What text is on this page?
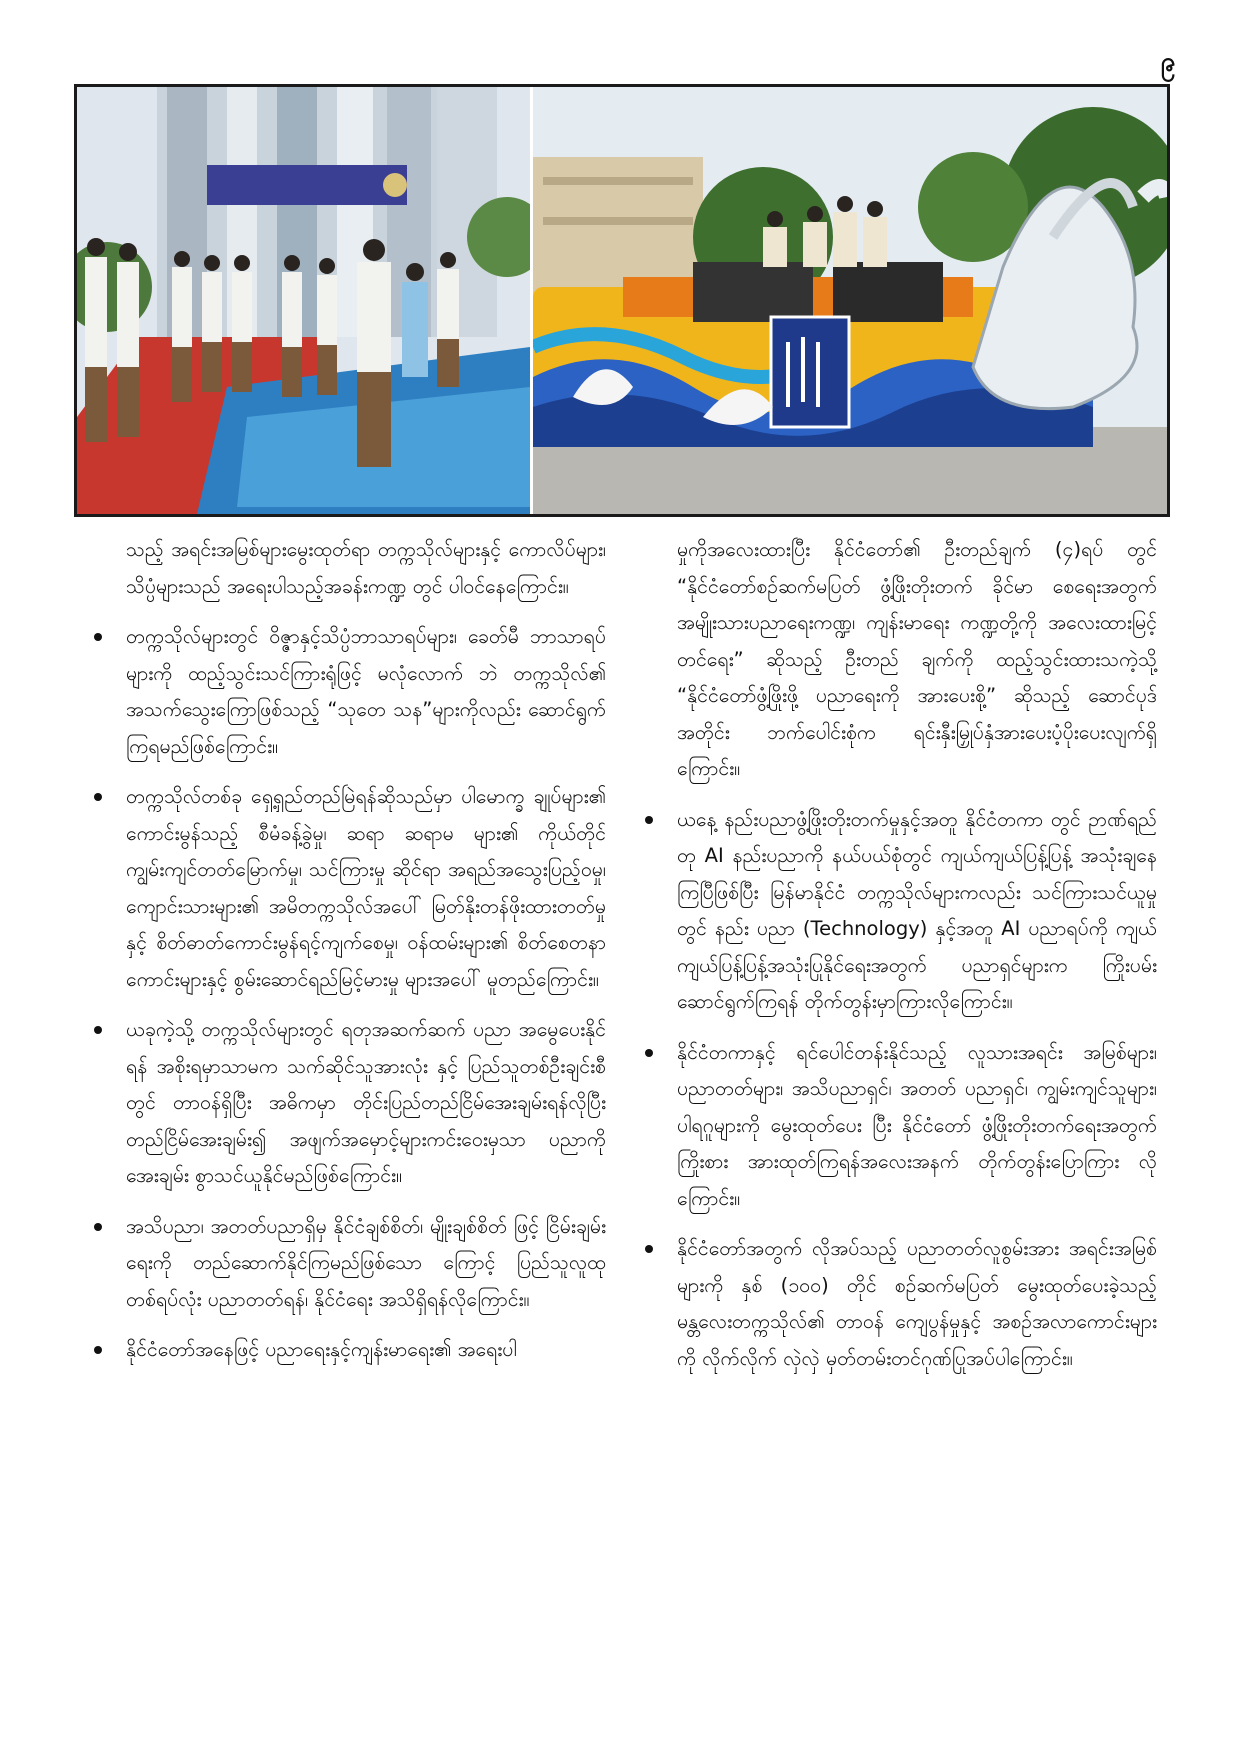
၉

သည့် အရင်းအမြစ်များမွေးထုတ်ရာ တက္ကသိုလ်များနှင့် ကောလိပ်များ၊ သိပ္ပံများသည် အရေးပါသည့်အခန်းကဏ္ဍ တွင် ပါဝင်နေကြောင်း။

တက္ကသိုလ်များတွင် ဝိဇ္ဇာနှင့်သိပ္ပံဘာသာရပ်များ၊ ခေတ်မီ ဘာသာရပ်များကို ထည့်သွင်းသင်ကြားရုံဖြင့် မလုံလောက် ဘဲ တက္ကသိုလ်၏ အသက်သွေးကြောဖြစ်သည့် “သုတေ သန”များကိုလည်း ဆောင်ရွက်ကြရမည်ဖြစ်ကြောင်း။
တက္ကသိုလ်တစ်ခု ရှေ့ရှည်တည်မြဲရန်ဆိုသည်မှာ ပါမောက္ခ ချုပ်များ၏ ကောင်းမွန်သည့် စီမံခန့်ခွဲမှု၊ ဆရာ ဆရာမ များ၏ ကိုယ်တိုင်ကျွမ်းကျင်တတ်မြောက်မှု၊ သင်ကြားမှု ဆိုင်ရာ အရည်အသွေးပြည့်ဝမှု၊ ကျောင်းသားများ၏ အမိတက္ကသိုလ်အပေါ် မြတ်နိုးတန်ဖိုးထားတတ်မှုနှင့် စိတ်ဓာတ်ကောင်းမွန်ရင့်ကျက်စေမှု၊ ဝန်ထမ်းများ၏ စိတ်စေတနာကောင်းများနှင့် စွမ်းဆောင်ရည်မြင့်မားမှု များအပေါ် မူတည်ကြောင်း။
ယခုကဲ့သို့ တက္ကသိုလ်များတွင် ရတုအဆက်ဆက် ပညာ အမွေပေးနိုင်ရန် အစိုးရမှာသာမက သက်ဆိုင်သူအားလုံး နှင့် ပြည်သူတစ်ဦးချင်းစီတွင် တာဝန်ရှိပြီး အဓိကမှာ တိုင်းပြည်တည်ငြိမ်အေးချမ်းရန်လိုပြီး တည်ငြိမ်အေးချမ်း၍ အဖျက်အမှောင့်များကင်းဝေးမှသာ ပညာကို အေးချမ်း စွာသင်ယူနိုင်မည်ဖြစ်ကြောင်း။
အသိပညာ၊ အတတ်ပညာရှိမှ နိုင်ငံချစ်စိတ်၊ မျိုးချစ်စိတ် ဖြင့် ငြိမ်းချမ်းရေးကို တည်ဆောက်နိုင်ကြမည်ဖြစ်သော ကြောင့် ပြည်သူလူထုတစ်ရပ်လုံး ပညာတတ်ရန်၊ နိုင်ငံရေး အသိရှိရန်လိုကြောင်း။
နိုင်ငံတော်အနေဖြင့် ပညာရေးနှင့်ကျန်းမာရေး၏ အရေးပါ

မှုကိုအလေးထားပြီး နိုင်ငံတော်၏ ဦးတည်ချက် (၄)ရပ် တွင် “နိုင်ငံတော်စဉ်ဆက်မပြတ် ဖွံ့ဖြိုးတိုးတက် ခိုင်မာ စေရေးအတွက် အမျိုးသားပညာရေးကဏ္ဍ၊ ကျန်းမာရေး ကဏ္ဍတို့ကို အလေးထားမြင့်တင်ရေး” ဆိုသည့် ဦးတည် ချက်ကို ထည့်သွင်းထားသကဲ့သို့ “နိုင်ငံတော်ဖွံ့ဖြိုးဖို့ ပညာရေးကို အားပေးစို့” ဆိုသည့် ဆောင်ပုဒ်အတိုင်း ဘက်ပေါင်းစုံက ရင်းနှီးမြှုပ်နှံအားပေးပံ့ပိုးပေးလျက်ရှိ ကြောင်း။

ယနေ့ နည်းပညာဖွံ့ဖြိုးတိုးတက်မှုနှင့်အတူ နိုင်ငံတကာ တွင် ဉာဏ်ရည်တု AI နည်းပညာကို နယ်ပယ်စုံတွင် ကျယ်ကျယ်ပြန့်ပြန့် အသုံးချနေကြပြီဖြစ်ပြီး မြန်မာနိုင်ငံ တက္ကသိုလ်များကလည်း သင်ကြားသင်ယူမှုတွင် နည်း ပညာ (Technology) နှင့်အတူ AI ပညာရပ်ကို ကျယ် ကျယ်ပြန့်ပြန့်အသုံးပြုနိုင်ရေးအတွက် ပညာရှင်များက ကြိုးပမ်းဆောင်ရွက်ကြရန် တိုက်တွန်းမှာကြားလိုကြောင်း။
နိုင်ငံတကာနှင့် ရင်ပေါင်တန်းနိုင်သည့် လူသားအရင်း အမြစ်များ၊ ပညာတတ်များ၊ အသိပညာရှင်၊ အတတ် ပညာရှင်၊ ကျွမ်းကျင်သူများ၊ ပါရဂူများကို မွေးထုတ်ပေး ပြီး နိုင်ငံတော် ဖွံ့ဖြိုးတိုးတက်ရေးအတွက် ကြိုးစား အားထုတ်ကြရန်အလေးအနက် တိုက်တွန်းပြောကြား လိုကြောင်း။
နိုင်ငံတော်အတွက် လိုအပ်သည့် ပညာတတ်လူစွမ်းအား အရင်းအမြစ်များကို နှစ် (၁၀၀) တိုင် စဉ်ဆက်မပြတ် မွေးထုတ်ပေးခဲ့သည့် မန္တလေးတက္ကသိုလ်၏ တာဝန် ကျေပွန်မှုနှင့် အစဉ်အလာကောင်းများကို လိုက်လိုက် လှဲလှဲ မှတ်တမ်းတင်ဂုဏ်ပြုအပ်ပါကြောင်း။
